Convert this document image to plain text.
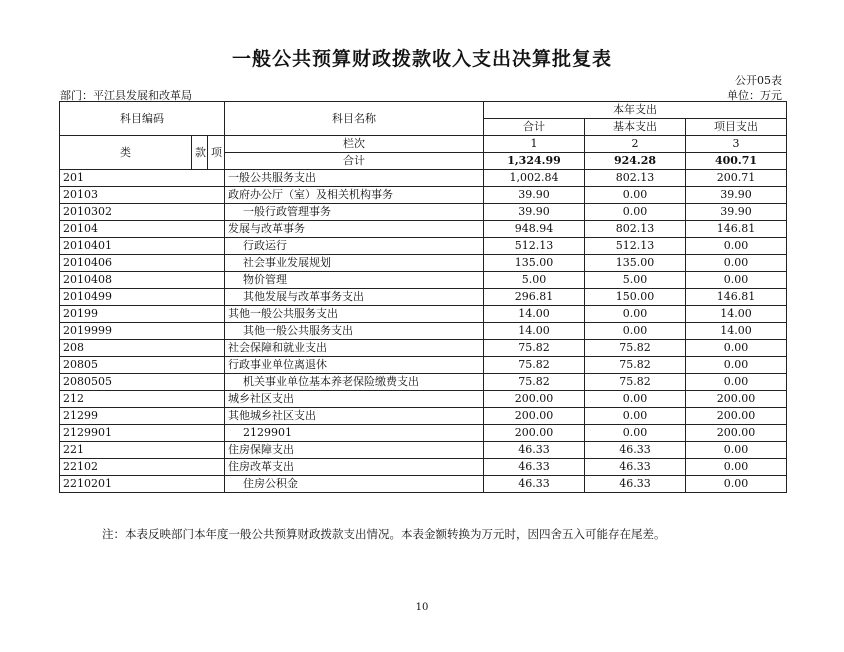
一般公共预算财政拨款收入支出决算批复表
公开05表
部门：平江县发展和改革局	单位：万元
科目编码			科目名称	本年支出		
				合计	基本支出	项目支出
类	款	项	栏次	1	2	3
			合计	1,324.99	924.28	400.71
201			一般公共服务支出	1,002.84	802.13	200.71
20103			政府办公厅（室）及相关机构事务	39.90	0.00	39.90
2010302			一般行政管理事务	39.90	0.00	39.90
20104			发展与改革事务	948.94	802.13	146.81
2010401			行政运行	512.13	512.13	0.00
2010406			社会事业发展规划	135.00	135.00	0.00
2010408			物价管理	5.00	5.00	0.00
2010499			其他发展与改革事务支出	296.81	150.00	146.81
20199			其他一般公共服务支出	14.00	0.00	14.00
2019999			其他一般公共服务支出	14.00	0.00	14.00
208			社会保障和就业支出	75.82	75.82	0.00
20805			行政事业单位离退休	75.82	75.82	0.00
2080505			机关事业单位基本养老保险缴费支出	75.82	75.82	0.00
212			城乡社区支出	200.00	0.00	200.00
21299			其他城乡社区支出	200.00	0.00	200.00
2129901			2129901	200.00	0.00	200.00
221			住房保障支出	46.33	46.33	0.00
22102			住房改革支出	46.33	46.33	0.00
2210201			住房公积金	46.33	46.33	0.00
注：本表反映部门本年度一般公共预算财政拨款支出情况。本表金额转换为万元时，因四舍五入可能存在尾差。
10
